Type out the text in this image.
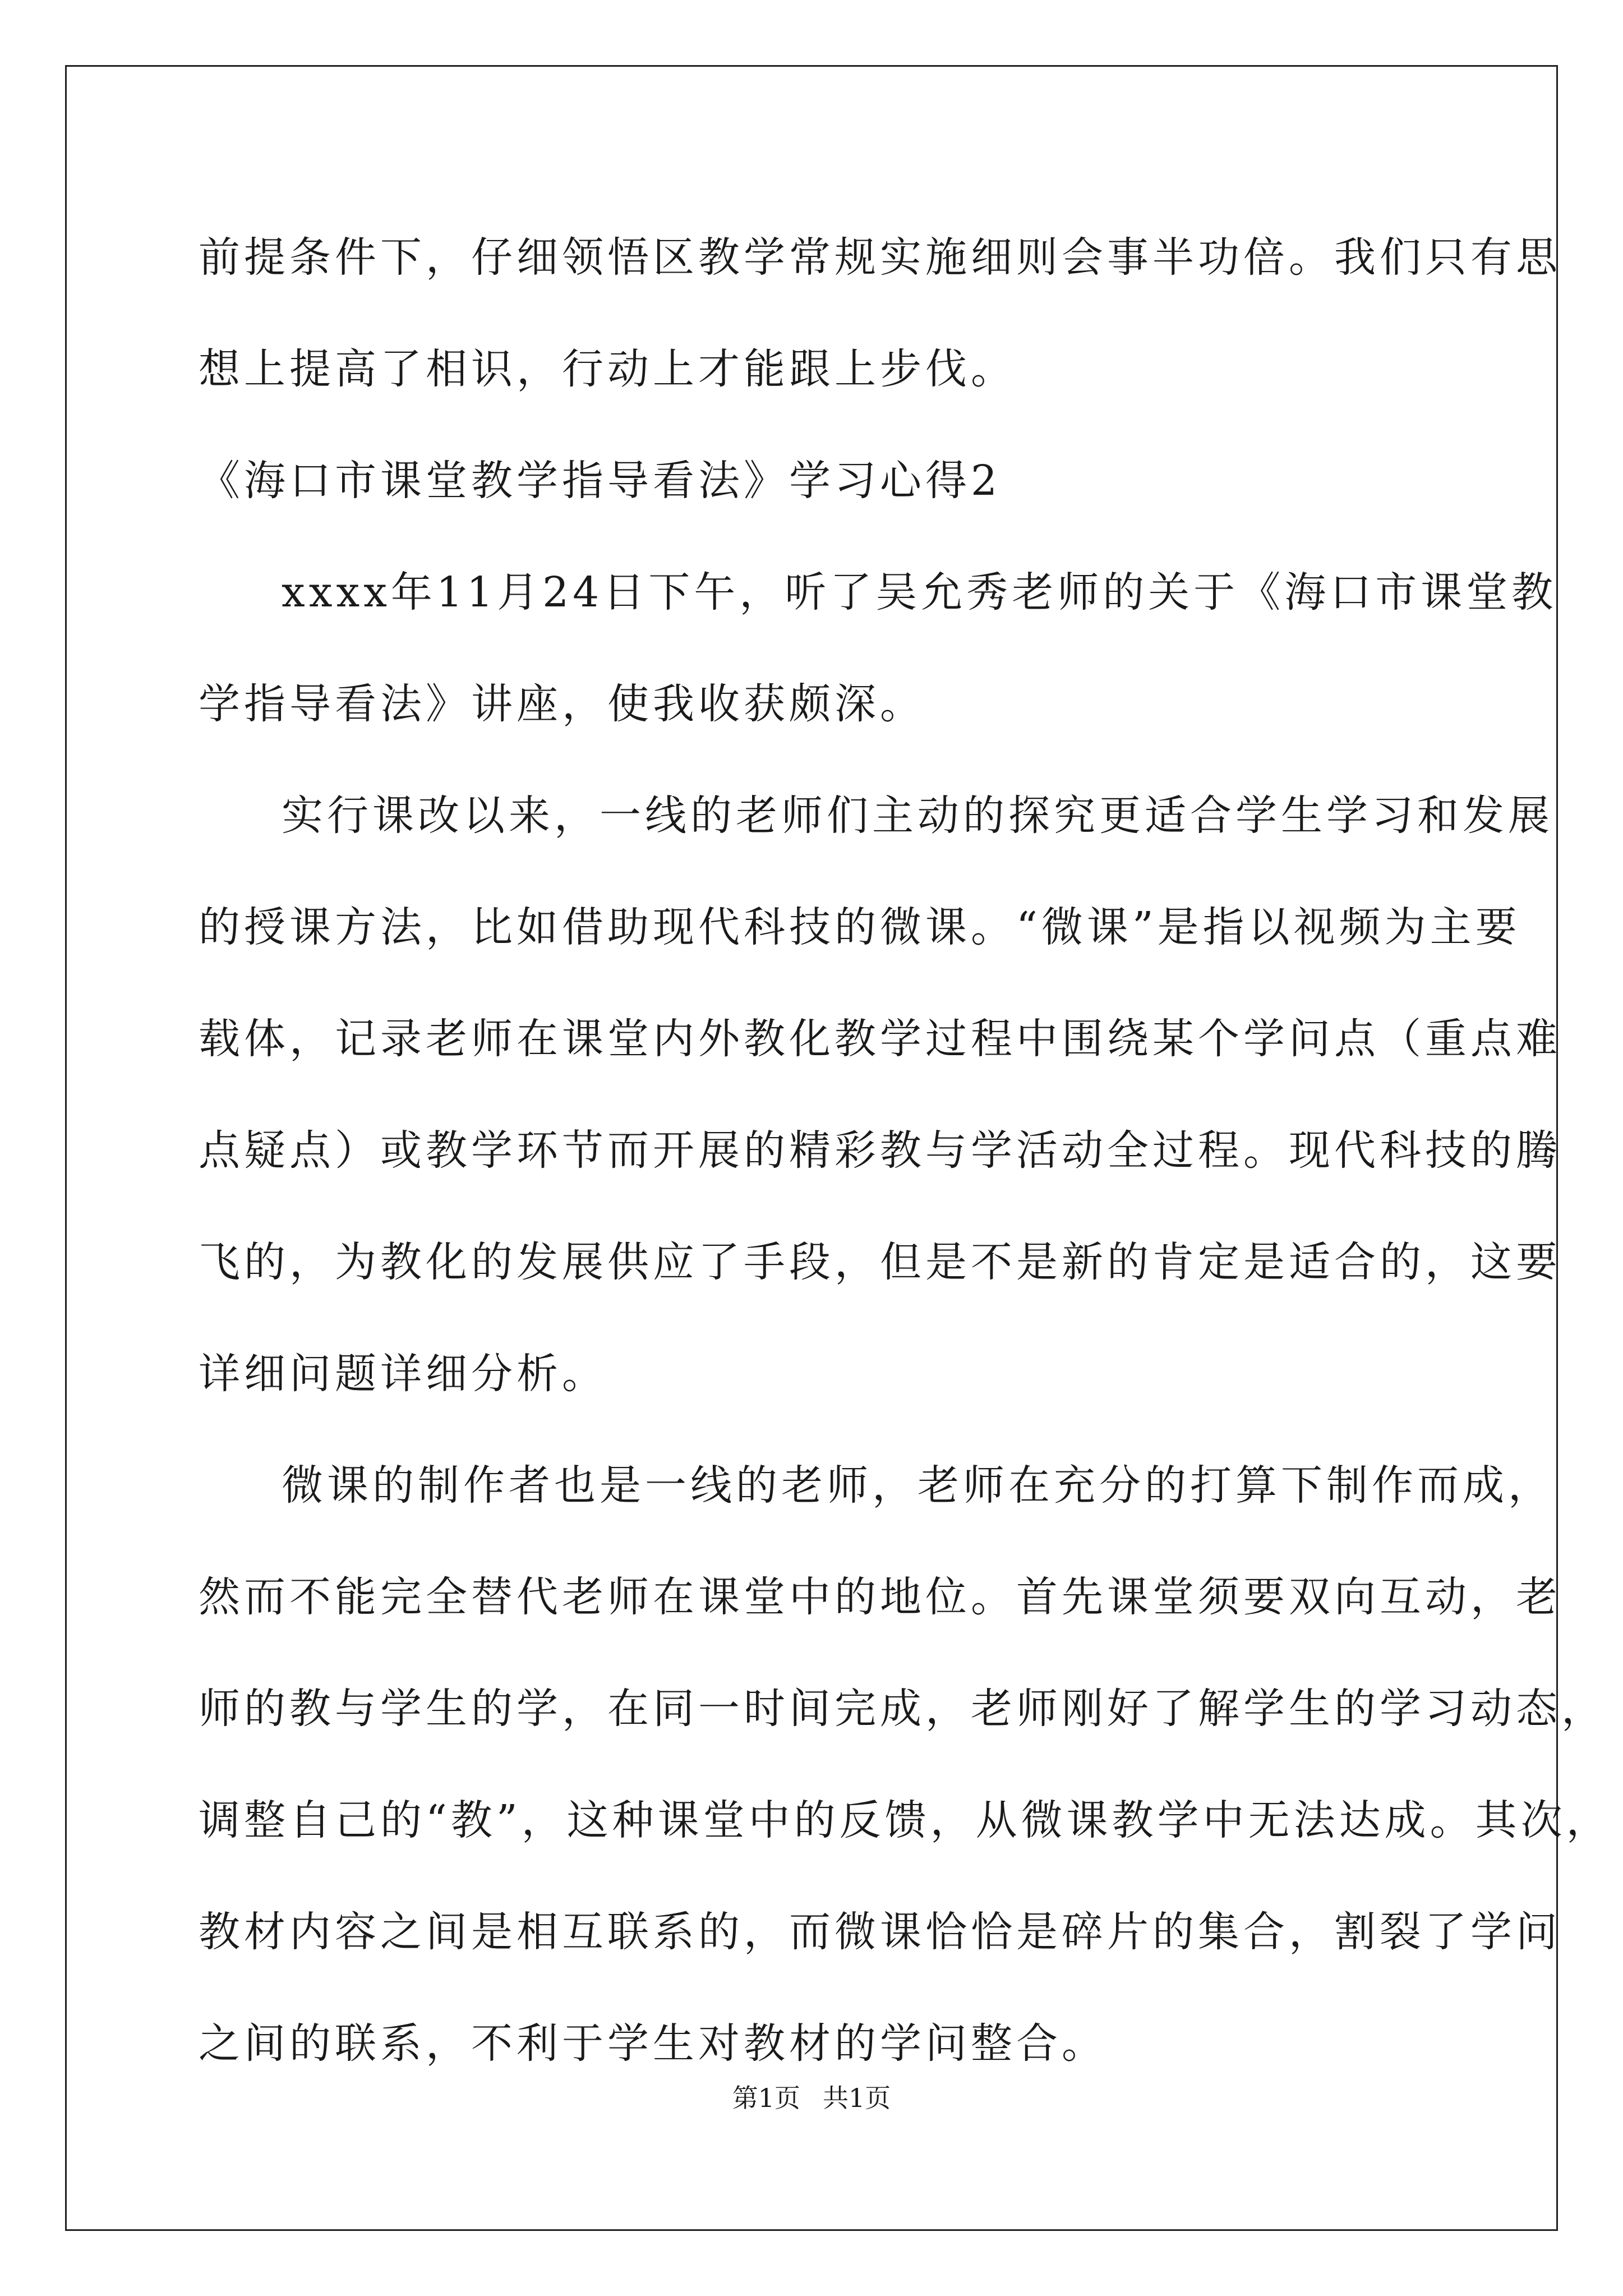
前提条件下，仔细领悟区教学常规实施细则会事半功倍。我们只有思
想上提高了相识，行动上才能跟上步伐。
《海口市课堂教学指导看法》学习心得2
xxxx年11月24日下午，听了吴允秀老师的关于《海口市课堂教
学指导看法》讲座，使我收获颇深。
实行课改以来，一线的老师们主动的探究更适合学生学习和发展
的授课方法，比如借助现代科技的微课。“微课”是指以视频为主要
载体，记录老师在课堂内外教化教学过程中围绕某个学问点（重点难
点疑点）或教学环节而开展的精彩教与学活动全过程。现代科技的腾
飞的，为教化的发展供应了手段，但是不是新的肯定是适合的，这要
详细问题详细分析。
微课的制作者也是一线的老师，老师在充分的打算下制作而成，
然而不能完全替代老师在课堂中的地位。首先课堂须要双向互动，老
师的教与学生的学，在同一时间完成，老师刚好了解学生的学习动态，
调整自己的“教”，这种课堂中的反馈，从微课教学中无法达成。其次，
教材内容之间是相互联系的，而微课恰恰是碎片的集合，割裂了学问
之间的联系，不利于学生对教材的学问整合。
第1页 共1页
